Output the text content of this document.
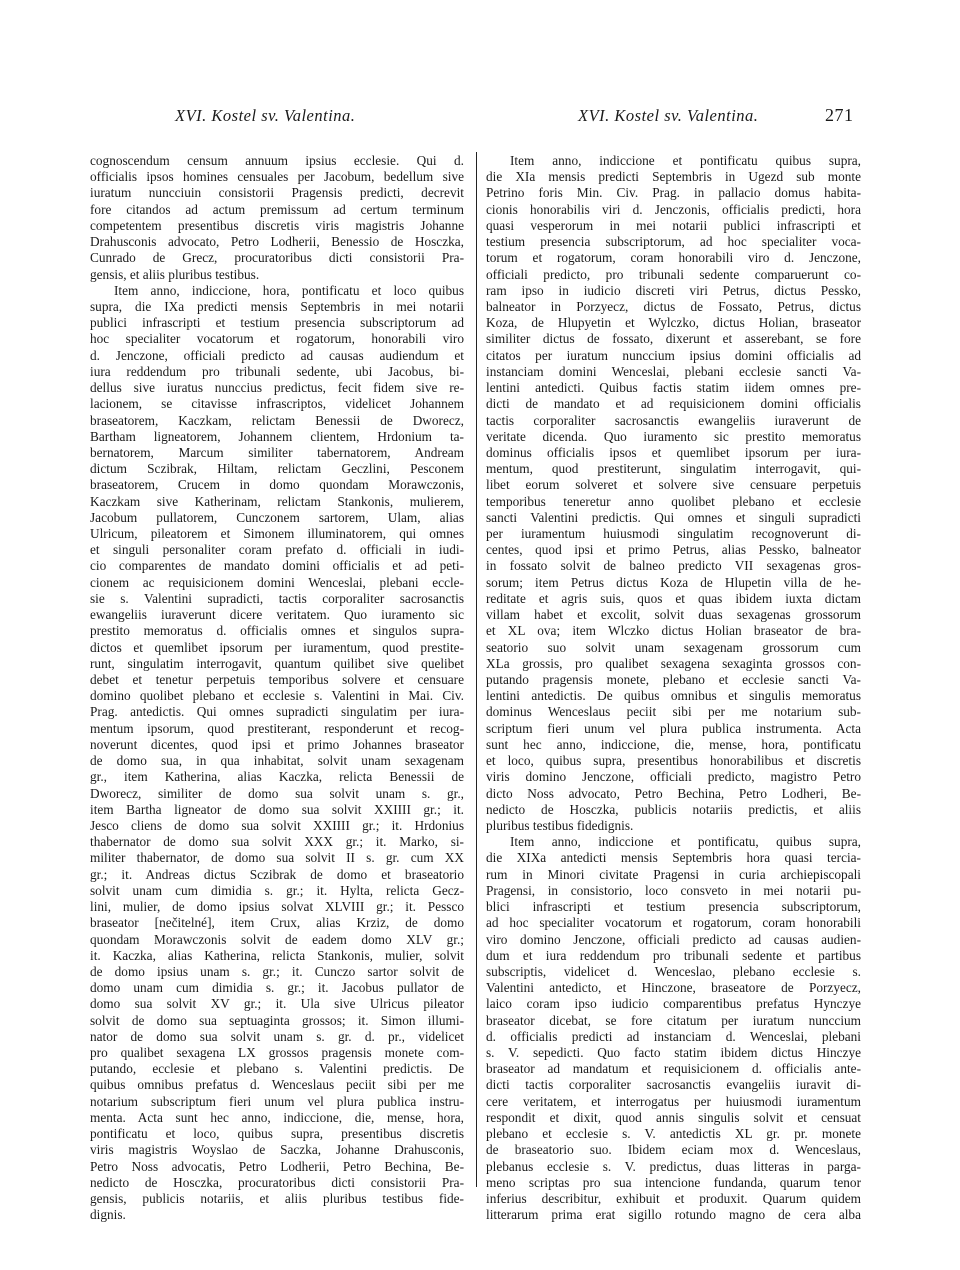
XVI. Kostel sv. Valentina.	XVI. Kostel sv. Valentina.	271
cognoscendum censum annuum ipsius ecclesie. Qui d.
officialis ipsos homines censuales per Jacobum, bedellum sive
iuratum nuncciuin consistorii Pragensis predicti, decrevit
fore citandos ad actum premissum ad certum terminum
competentem presentibus discretis viris magistris Johanne
Drahusconis advocato, Petro Lodherii, Benessio de Hosczka,
Cunrado de Grecz, procuratoribus dicti consistorii Pra-
gensis, et aliis pluribus testibus.
Item anno, indiccione, hora, pontificatu et loco quibus
supra, die IXa predicti mensis Septembris in mei notarii
publici infrascripti et testium presencia subscriptorum ad
hoc specialiter vocatorum et rogatorum, honorabili viro
d. Jenczone, officiali predicto ad causas audiendum et
iura reddendum pro tribunali sedente, ubi Jacobus, bi-
dellus sive iuratus nunccius predictus, fecit fidem sive re-
lacionem, se citavisse infrascriptos, videlicet Johannem
braseatorem, Kaczkam, relictam Benessii de Dworecz,
Bartham ligneatorem, Johannem clientem, Hrdonium ta-
bernatorem, Marcum similiter tabernatorem, Andream
dictum Sczibrak, Hiltam, relictam Geczlini, Pesconem
braseatorem, Crucem in domo quondam Morawczonis,
Kaczkam sive Katherinam, relictam Stankonis, mulierem,
Jacobum pullatorem, Cunczonem sartorem, Ulam, alias
Ulricum, pileatorem et Simonem illuminatorem, qui omnes
et singuli personaliter coram prefato d. officiali in iudi-
cio comparentes de mandato domini officialis et ad peti-
cionem ac requisicionem domini Wenceslai, plebani eccle-
sie s. Valentini supradicti, tactis corporaliter sacrosanctis
ewangeliis iuraverunt dicere veritatem. Quo iuramento sic
prestito memoratus d. officialis omnes et singulos supra-
dictos et quemlibet ipsorum per iuramentum, quod prestite-
runt, singulatim interrogavit, quantum quilibet sive quelibet
debet et tenetur perpetuis temporibus solvere et censuare
domino quolibet plebano et ecclesie s. Valentini in Mai. Civ.
Prag. antedictis. Qui omnes supradicti singulatim per iura-
mentum ipsorum, quod prestiterant, responderunt et recog-
noverunt dicentes, quod ipsi et primo Johannes braseator
de domo sua, in qua inhabitat, solvit unam sexagenam
gr., item Katherina, alias Kaczka, relicta Benessii de
Dworecz, similiter de domo sua solvit unam s. gr.,
item Bartha ligneator de domo sua solvit XXIIII gr.; it.
Jesco cliens de domo sua solvit XXIIII gr.; it. Hrdonius
thabernator de domo sua solvit XXX gr.; it. Marko, si-
militer thabernator, de domo sua solvit II s. gr. cum XX
gr.; it. Andreas dictus Sczibrak de domo et braseatorio
solvit unam cum dimidia s. gr.; it. Hylta, relicta Gecz-
lini, mulier, de domo ipsius solvat XLVIII gr.; it. Pessco
braseator [nečitelné], item Crux, alias Krziz, de domo
quondam Morawczonis solvit de eadem domo XLV gr.;
it. Kaczka, alias Katherina, relicta Stankonis, mulier, solvit
de domo ipsius unam s. gr.; it. Cunczo sartor solvit de
domo unam cum dimidia s. gr.; it. Jacobus pullator de
domo sua solvit XV gr.; it. Ula sive Ulricus pileator
solvit de domo sua septuaginta grossos; it. Simon illumi-
nator de domo sua solvit unam s. gr. d. pr., videlicet
pro qualibet sexagena LX grossos pragensis monete com-
putando, ecclesie et plebano s. Valentini predictis. De
quibus omnibus prefatus d. Wenceslaus peciit sibi per me
notarium subscriptum fieri unum vel plura publica instru-
menta. Acta sunt hec anno, indiccione, die, mense, hora,
pontificatu et loco, quibus supra, presentibus discretis
viris magistris Woyslao de Saczka, Johanne Drahusconis,
Petro Noss advocatis, Petro Lodherii, Petro Bechina, Be-
nedicto de Hosczka, procuratoribus dicti consistorii Pra-
gensis, publicis notariis, et aliis pluribus testibus fide-
dignis.
Item anno, indiccione et pontificatu quibus supra,
die XIa mensis predicti Septembris in Ugezd sub monte
Petrino foris Min. Civ. Prag. in pallacio domus habita-
cionis honorabilis viri d. Jenczonis, officialis predicti, hora
quasi vesperorum in mei notarii publici infrascripti et
testium presencia subscriptorum, ad hoc specialiter voca-
torum et rogatorum, coram honorabili viro d. Jenczone,
officiali predicto, pro tribunali sedente comparuerunt co-
ram ipso in iudicio discreti viri Petrus, dictus Pessko,
balneator in Porzyecz, dictus de Fossato, Petrus, dictus
Koza, de Hlupyetin et Wylczko, dictus Holian, braseator
similiter dictus de fossato, dixerunt et asserebant, se fore
citatos per iuratum nunccium ipsius domini officialis ad
instanciam domini Wenceslai, plebani ecclesie sancti Va-
lentini antedicti. Quibus factis statim iidem omnes pre-
dicti de mandato et ad requisicionem domini officialis
tactis corporaliter sacrosanctis ewangeliis iuraverunt de
veritate dicenda. Quo iuramento sic prestito memoratus
dominus officialis ipsos et quemlibet ipsorum per iura-
mentum, quod prestiterunt, singulatim interrogavit, qui-
libet eorum solveret et solvere sive censuare perpetuis
temporibus teneretur anno quolibet plebano et ecclesie
sancti Valentini predictis. Qui omnes et singuli supradicti
per iuramentum huiusmodi singulatim recognoverunt di-
centes, quod ipsi et primo Petrus, alias Pessko, balneator
in fossato solvit de balneo predicto VII sexagenas gros-
sorum; item Petrus dictus Koza de Hlupetin villa de he-
reditate et agris suis, quos et quas ibidem iuxta dictam
villam habet et excolit, solvit duas sexagenas grossorum
et XL ova; item Wlczko dictus Holian braseator de bra-
seatorio suo solvit unam sexagenam grossorum cum
XLa grossis, pro qualibet sexagena sexaginta grossos con-
putando pragensis monete, plebano et ecclesie sancti Va-
lentini antedictis. De quibus omnibus et singulis memoratus
dominus Wenceslaus peciit sibi per me notarium sub-
scriptum fieri unum vel plura publica instrumenta. Acta
sunt hec anno, indiccione, die, mense, hora, pontificatu
et loco, quibus supra, presentibus honorabilibus et discretis
viris domino Jenczone, officiali predicto, magistro Petro
dicto Noss advocato, Petro Bechina, Petro Lodheri, Be-
nedicto de Hosczka, publicis notariis predictis, et aliis
pluribus testibus fidedignis.
Item anno, indiccione et pontificatu, quibus supra,
die XIXa antedicti mensis Septembris hora quasi tercia-
rum in Minori civitate Pragensi in curia archiepiscopali
Pragensi, in consistorio, loco consveto in mei notarii pu-
blici infrascripti et testium presencia subscriptorum,
ad hoc specialiter vocatorum et rogatorum, coram honorabili
viro domino Jenczone, officiali predicto ad causas audien-
dum et iura reddendum pro tribunali sedente et partibus
subscriptis, videlicet d. Wenceslao, plebano ecclesie s.
Valentini antedicto, et Hinczone, braseatore de Porzyecz,
laico coram ipso iudicio comparentibus prefatus Hynczye
braseator dicebat, se fore citatum per iuratum nunccium
d. officialis predicti ad instanciam d. Wenceslai, plebani
s. V. sepedicti. Quo facto statim ibidem dictus Hinczye
braseator ad mandatum et requisicionem d. officialis ante-
dicti tactis corporaliter sacrosanctis evangeliis iuravit di-
cere veritatem, et interrogatus per huiusmodi iuramentum
respondit et dixit, quod annis singulis solvit et censuat
plebano et ecclesie s. V. antedictis XL gr. pr. monete
de braseatorio suo. Ibidem eciam mox d. Wenceslaus,
plebanus ecclesie s. V. predictus, duas litteras in parga-
meno scriptas pro sua intencione fundanda, quarum tenor
inferius describitur, exhibuit et produxit. Quarum quidem
litterarum prima erat sigillo rotundo magno de cera alba
